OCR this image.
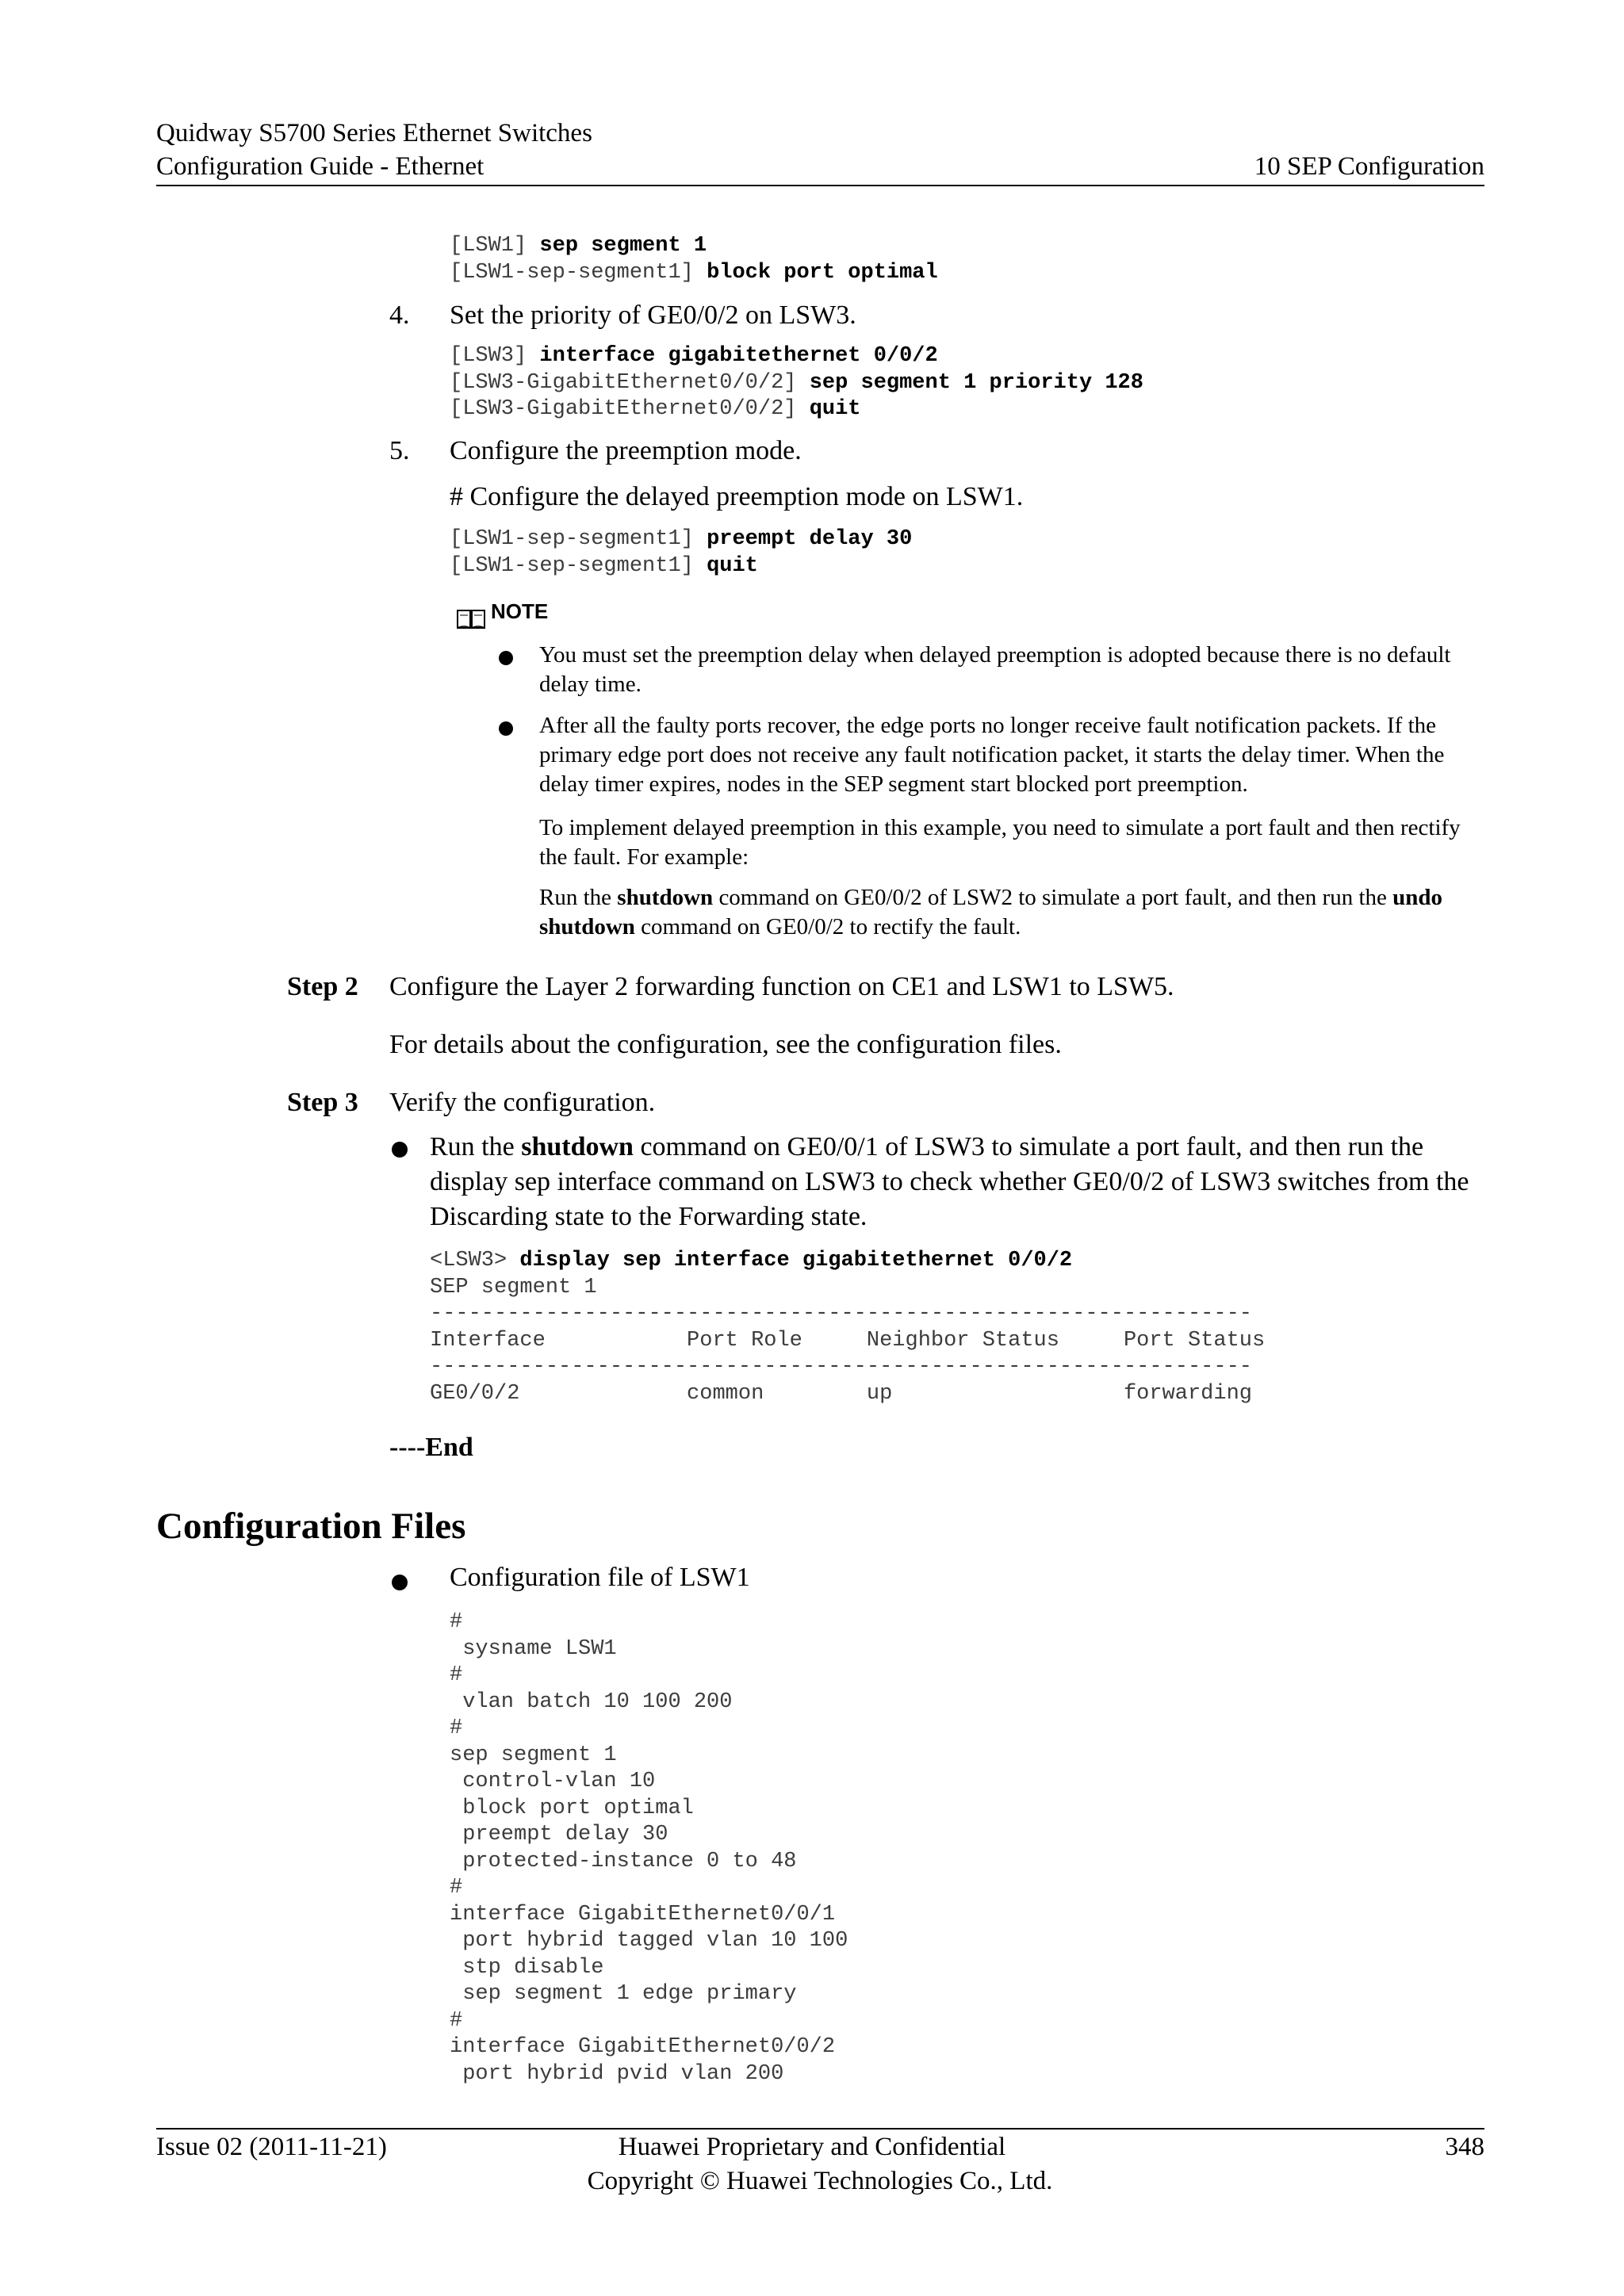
Quidway S5700 Series Ethernet Switches
Configuration Guide - Ethernet	10 SEP Configuration
[LSW1] sep segment 1
[LSW1-sep-segment1] block port optimal
4. Set the priority of GE0/0/2 on LSW3.
[LSW3] interface gigabitethernet 0/0/2
[LSW3-GigabitEthernet0/0/2] sep segment 1 priority 128
[LSW3-GigabitEthernet0/0/2] quit
5. Configure the preemption mode.
# Configure the delayed preemption mode on LSW1.
[LSW1-sep-segment1] preempt delay 30
[LSW1-sep-segment1] quit

NOTE
You must set the preemption delay when delayed preemption is adopted because there is no default delay time.
After all the faulty ports recover, the edge ports no longer receive fault notification packets. If the primary edge port does not receive any fault notification packet, it starts the delay timer. When the delay timer expires, nodes in the SEP segment start blocked port preemption.
To implement delayed preemption in this example, you need to simulate a port fault and then rectify the fault. For example:
Run the shutdown command on GE0/0/2 of LSW2 to simulate a port fault, and then run the undo shutdown command on GE0/0/2 to rectify the fault.
Step 2 Configure the Layer 2 forwarding function on CE1 and LSW1 to LSW5.
For details about the configuration, see the configuration files.
Step 3 Verify the configuration.
Run the shutdown command on GE0/0/1 of LSW3 to simulate a port fault, and then run the display sep interface command on LSW3 to check whether GE0/0/2 of LSW3 switches from the Discarding state to the Forwarding state.
<LSW3> display sep interface gigabitethernet 0/0/2
SEP segment 1
----------------------------------------------------------------
Interface           Port Role     Neighbor Status     Port Status
----------------------------------------------------------------
GE0/0/2             common        up                  forwarding
----End
Configuration Files
Configuration file of LSW1
#
sysname LSW1
#
vlan batch 10 100 200
#
sep segment 1
control-vlan 10
block port optimal
preempt delay 30
protected-instance 0 to 48
#
interface GigabitEthernet0/0/1
port hybrid tagged vlan 10 100
stp disable
sep segment 1 edge primary
#
interface GigabitEthernet0/0/2
port hybrid pvid vlan 200
Issue 02 (2011-11-21)	Huawei Proprietary and Confidential
Copyright © Huawei Technologies Co., Ltd.
348
